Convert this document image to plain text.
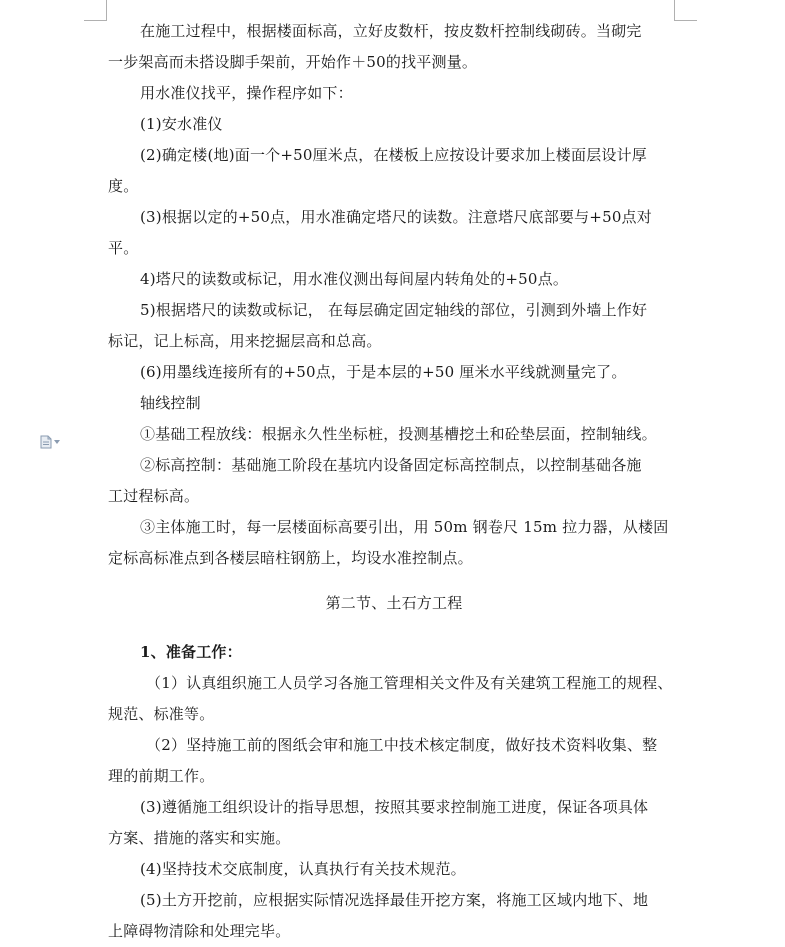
在施工过程中，根据楼面标高，立好皮数杆，按皮数杆控制线砌砖。当砌完

一步架高而未搭设脚手架前，开始作＋50的找平测量。

用水准仪找平，操作程序如下：

(1)安水准仪

(2)确定楼(地)面一个+50厘米点，在楼板上应按设计要求加上楼面层设计厚

度。

(3)根据以定的+50点，用水准确定塔尺的读数。注意塔尺底部要与+50点对

平。

4)塔尺的读数或标记，用水准仪测出每间屋内转角处的+50点。

5)根据塔尺的读数或标记， 在每层确定固定轴线的部位，引测到外墙上作好

标记，记上标高，用来挖掘层高和总高。

(6)用墨线连接所有的+50点，于是本层的+50 厘米水平线就测量完了。

轴线控制

①基础工程放线：根据永久性坐标桩，投测基槽挖土和砼垫层面，控制轴线。

②标高控制：基础施工阶段在基坑内设备固定标高控制点，以控制基础各施

工过程标高。

③主体施工时，每一层楼面标高要引出，用 50m 钢卷尺 15m 拉力器，从楼固

定标高标准点到各楼层暗柱钢筋上，均设水准控制点。

第二节、土石方工程

1、准备工作：

（1）认真组织施工人员学习各施工管理相关文件及有关建筑工程施工的规程、

规范、标准等。

（2）坚持施工前的图纸会审和施工中技术核定制度，做好技术资料收集、整

理的前期工作。

(3)遵循施工组织设计的指导思想，按照其要求控制施工进度，保证各项具体

方案、措施的落实和实施。

(4)坚持技术交底制度，认真执行有关技术规范。

(5)土方开挖前，应根据实际情况选择最佳开挖方案，将施工区域内地下、地

上障碍物清除和处理完毕。
